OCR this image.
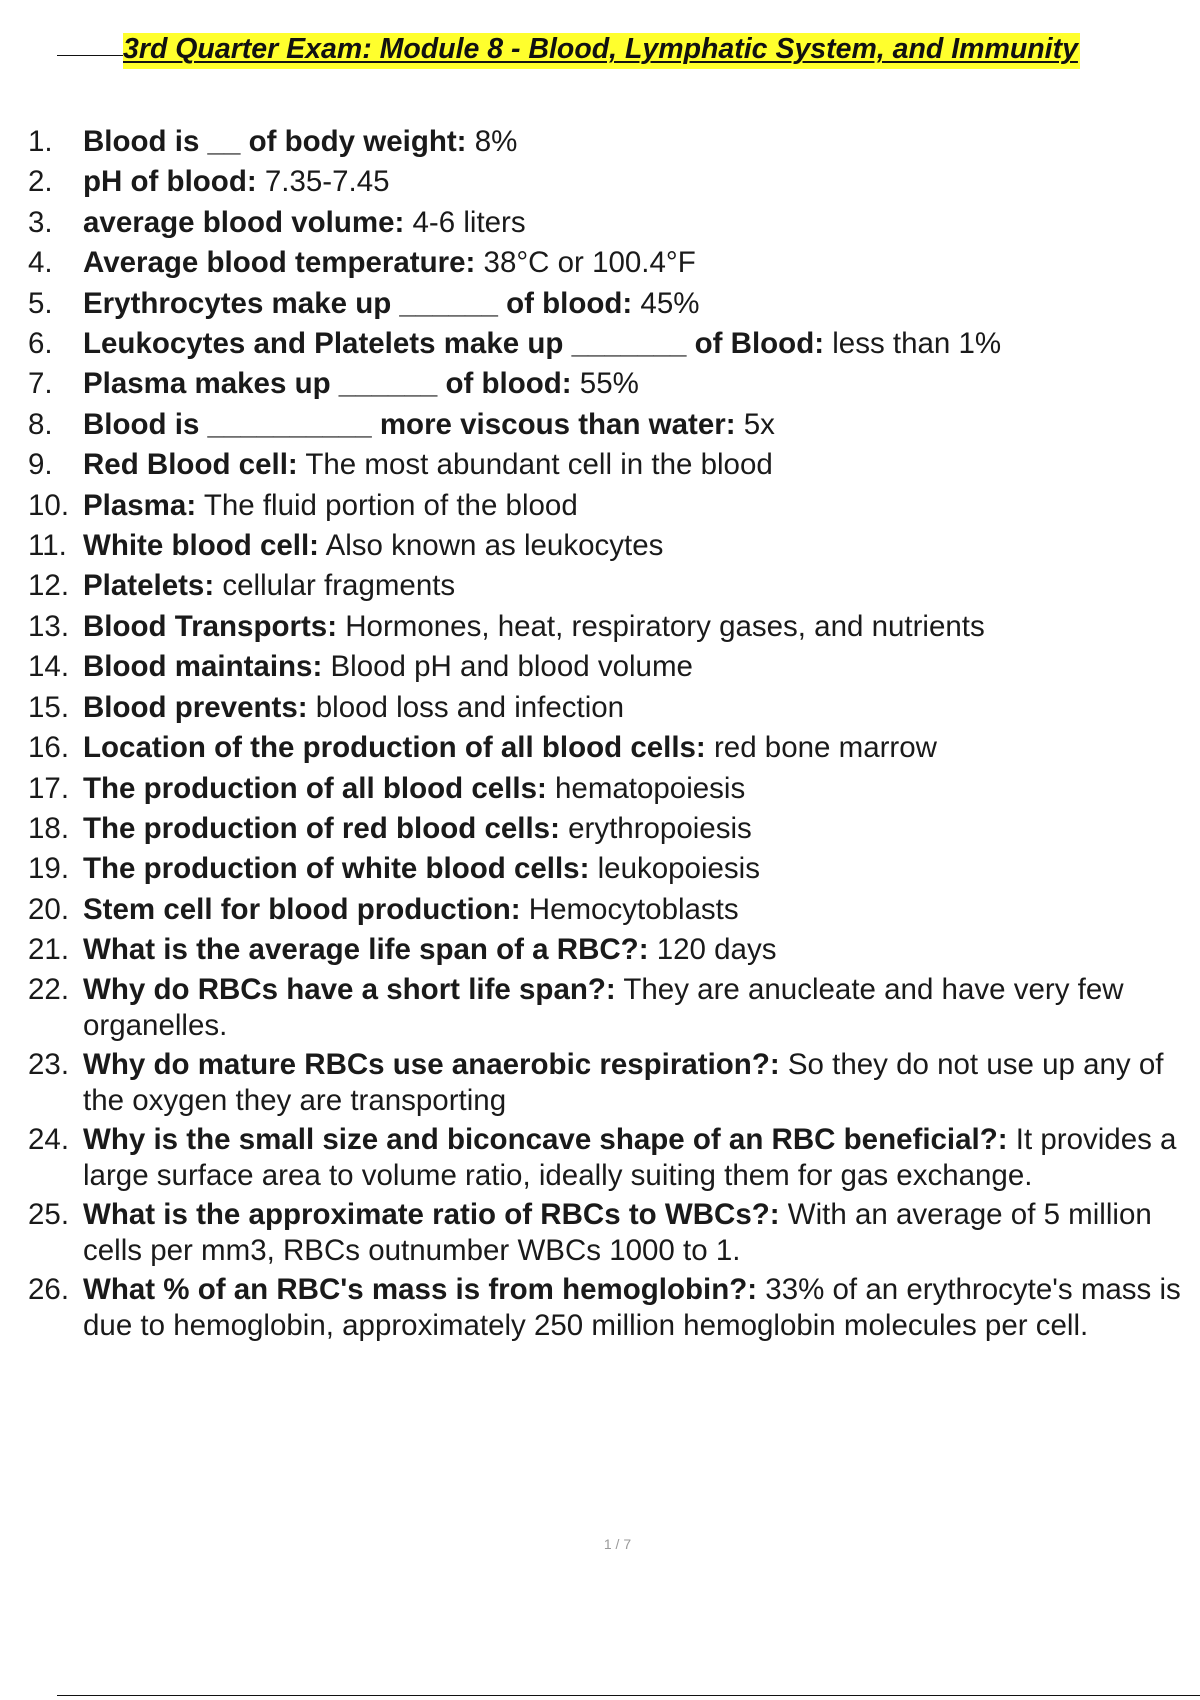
3rd Quarter Exam: Module 8 - Blood, Lymphatic System, and Immunity
1.	Blood is __ of body weight: 8%
2.	pH of blood: 7.35-7.45
3.	average blood volume: 4-6 liters
4.	Average blood temperature: 38°C or 100.4°F
5.	Erythrocytes make up ______ of blood: 45%
6.	Leukocytes and Platelets make up _______ of Blood: less than 1%
7.	Plasma makes up ______ of blood: 55%
8.	Blood is __________ more viscous than water: 5x
9.	Red Blood cell: The most abundant cell in the blood
10. Plasma: The fluid portion of the blood
11. White blood cell: Also known as leukocytes
12. Platelets: cellular fragments
13. Blood Transports: Hormones, heat, respiratory gases, and nutrients
14. Blood maintains: Blood pH and blood volume
15. Blood prevents: blood loss and infection
16. Location of the production of all blood cells: red bone marrow
17. The production of all blood cells: hematopoiesis
18. The production of red blood cells: erythropoiesis
19. The production of white blood cells: leukopoiesis
20. Stem cell for blood production: Hemocytoblasts
21. What is the average life span of a RBC?: 120 days
22. Why do RBCs have a short life span?: They are anucleate and have very few organelles.
23. Why do mature RBCs use anaerobic respiration?: So they do not use up any of the oxygen they are transporting
24. Why is the small size and biconcave shape of an RBC beneficial?: It provides a large surface area to volume ratio, ideally suiting them for gas exchange.
25. What is the approximate ratio of RBCs to WBCs?: With an average of 5 million cells per mm3, RBCs outnumber WBCs 1000 to 1.
26. What % of an RBC's mass is from hemoglobin?: 33% of an erythrocyte's mass is due to hemoglobin, approximately 250 million hemoglobin molecules per cell.
1 / 7
